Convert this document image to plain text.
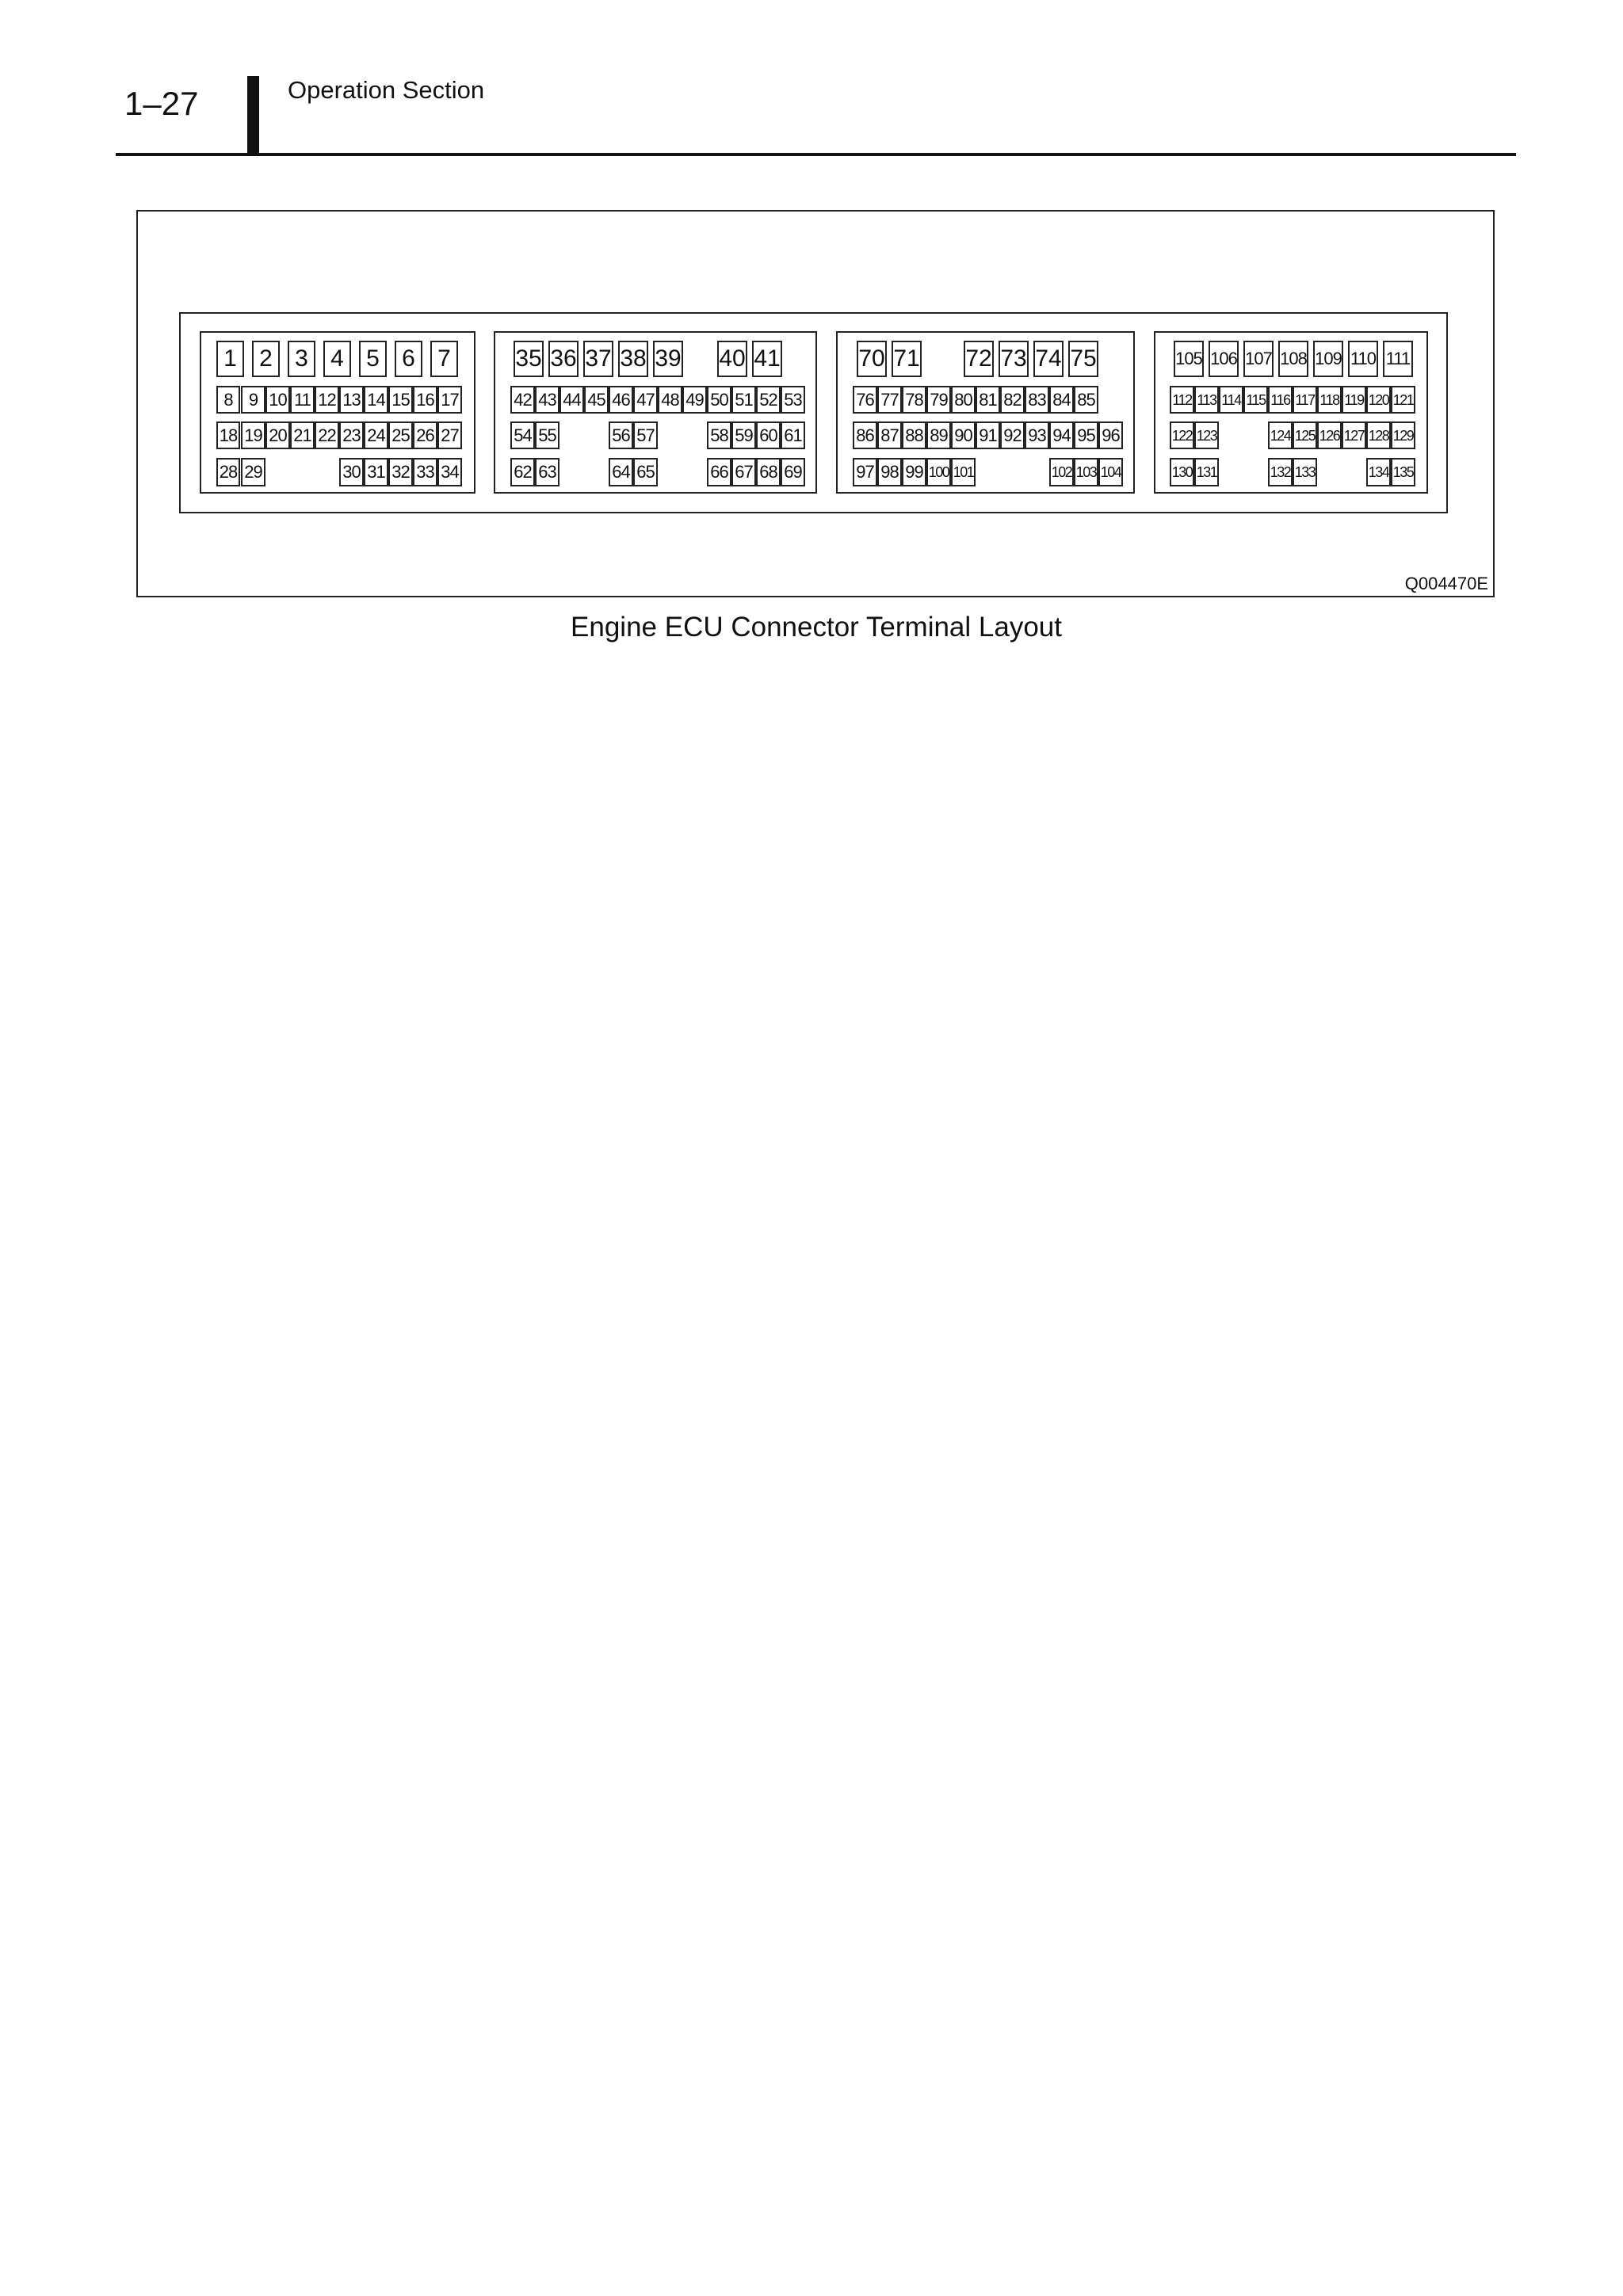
1–27	Operation Section
1 2 3 4 5 6 7
8 9 10 11 12 13 14 15 16 17
18 19 20 21 22 23 24 25 26 27
28 29	30 31 32 33 34
35 36 37 38 39 40 41
42 43 44 45 46 47 48 49 50 51 52 53
54 55	56 57	58 59 60 61
62 63	64 65	66 67 68 69
70 71 72 73 74 75
76 77 78 79 80 81 82 83 84 85
86 87 88 89 90 91 92 93 94 95 96
97 98 99 100 101	102 103 104
105 106 107 108 109 110 111
112 113 114 115 116 117 118 119 120 121
122 123	124 125 126 127 128 129
130 131	132 133	134 135
Q004470E
Engine ECU Connector Terminal Layout
